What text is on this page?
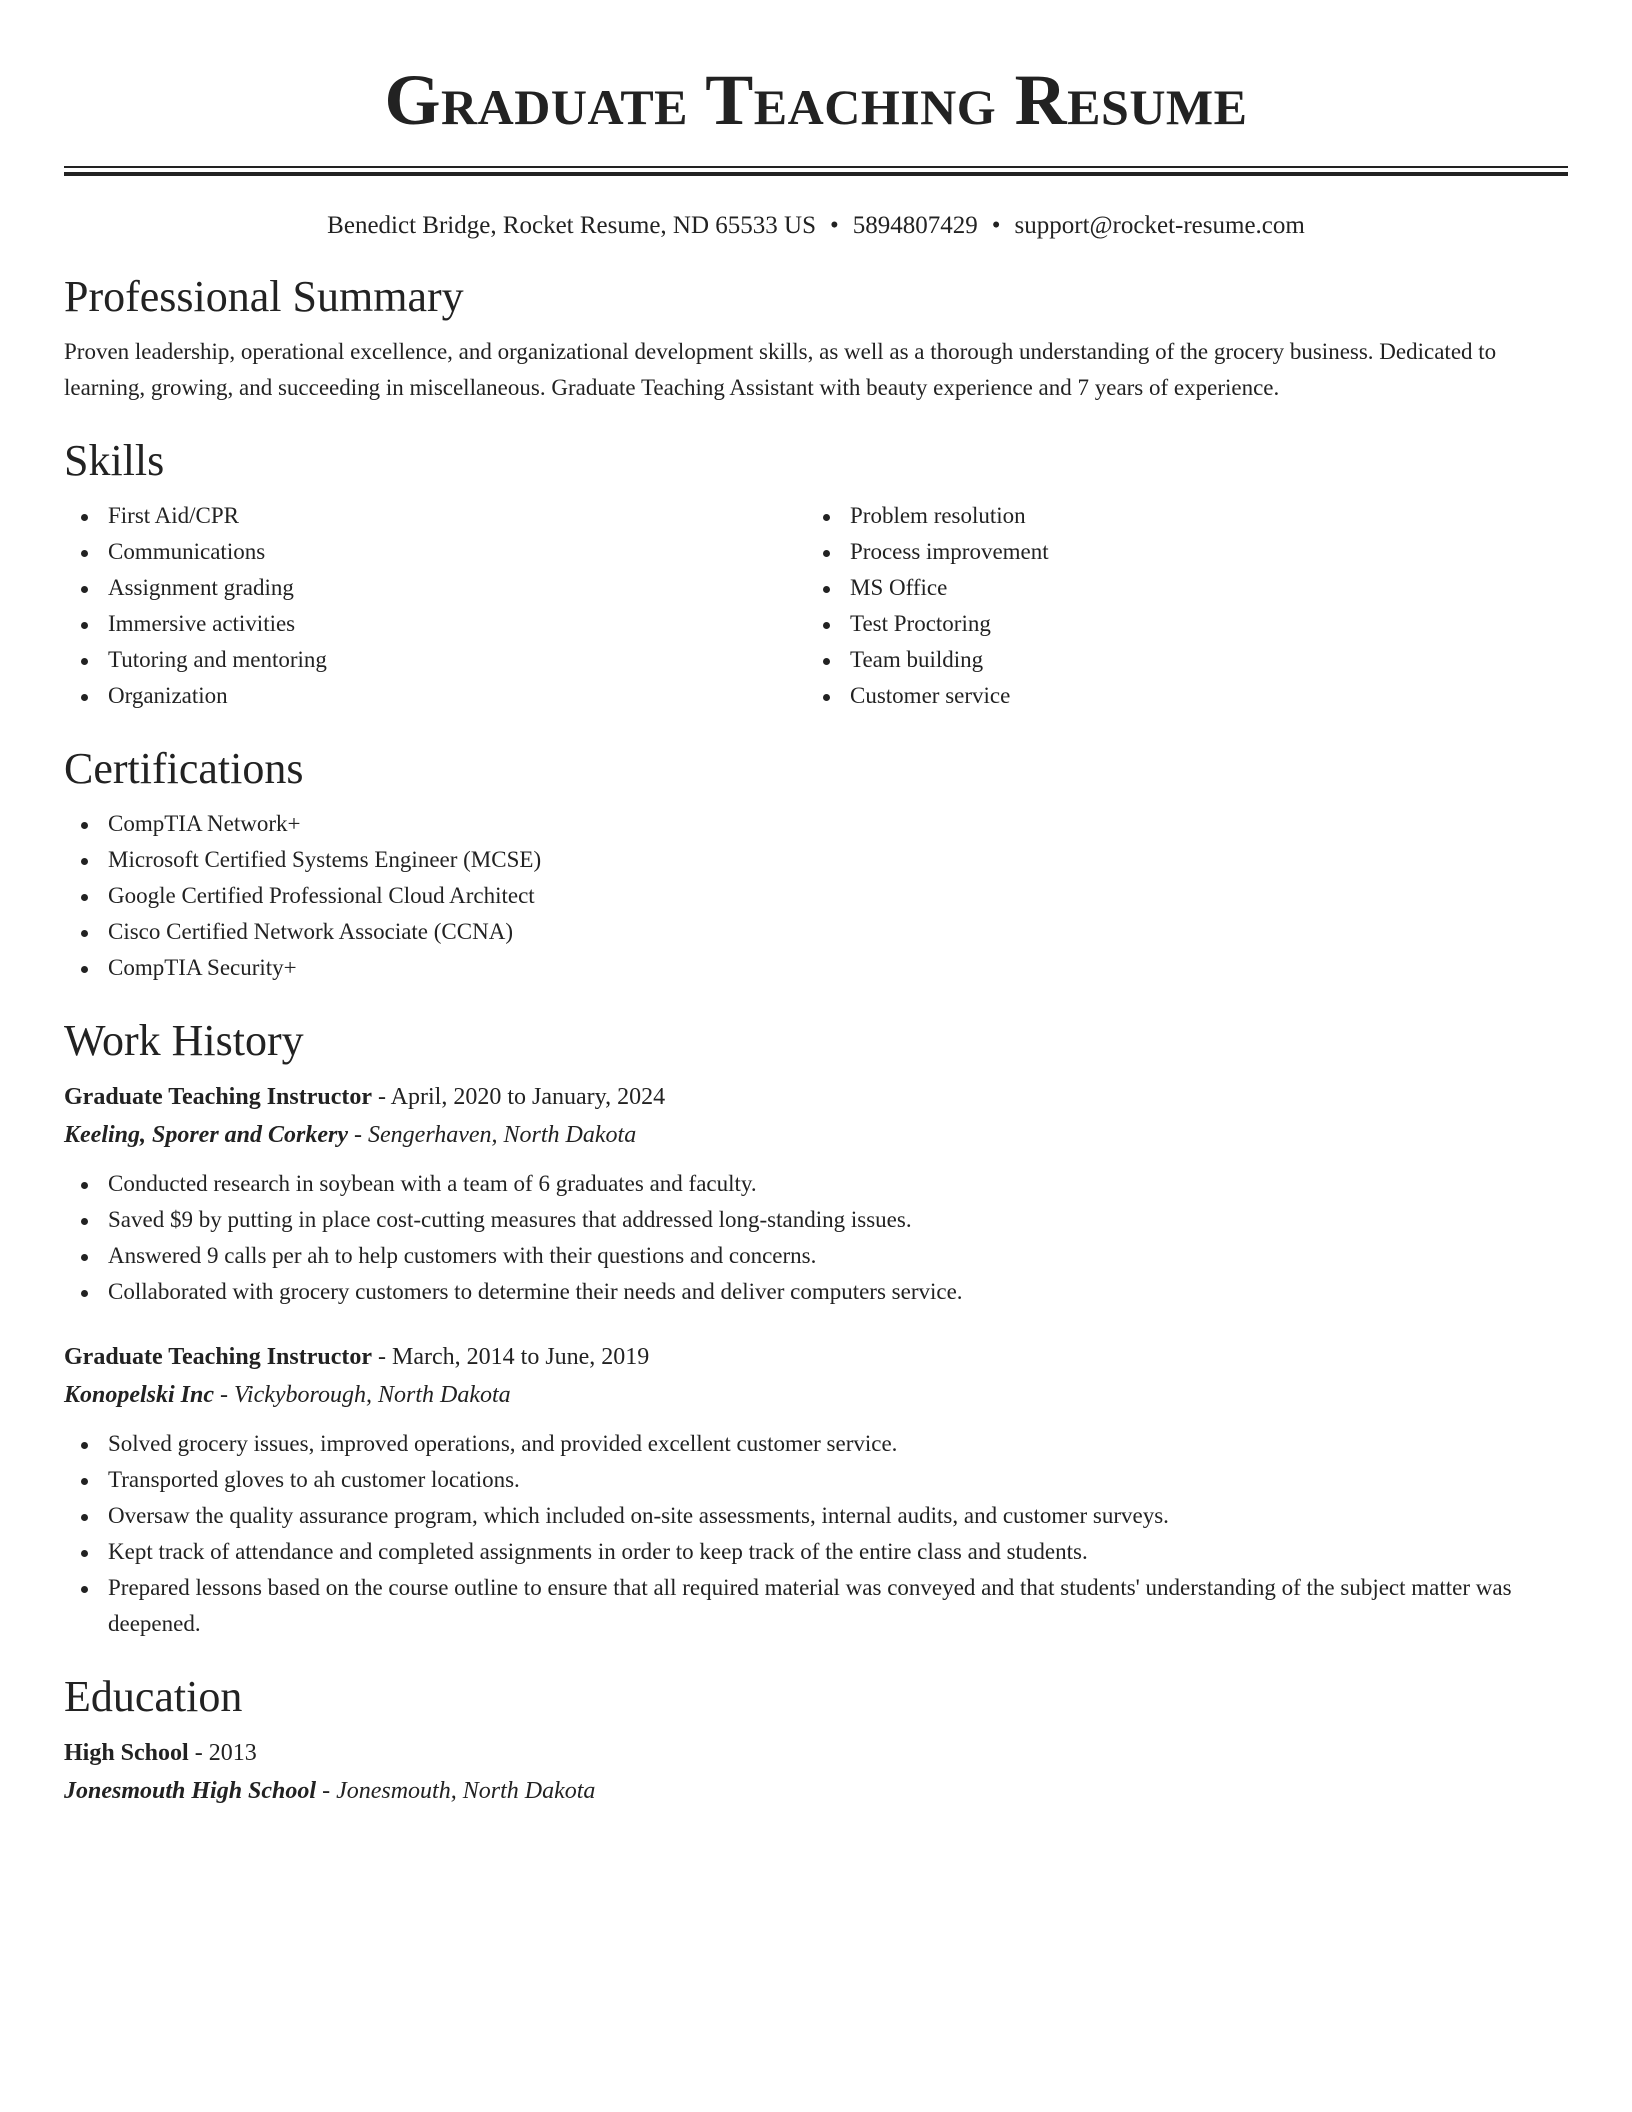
Graduate Teaching Resume
Benedict Bridge, Rocket Resume, ND 65533 US • 5894807429 • support@rocket-resume.com
Professional Summary

Proven leadership, operational excellence, and organizational development skills, as well as a thorough understanding of the grocery business. Dedicated to learning, growing, and succeeding in miscellaneous. Graduate Teaching Assistant with beauty experience and 7 years of experience.

Skills
First Aid/CPR
Communications
Assignment grading
Immersive activities
Tutoring and mentoring
Organization
Problem resolution
Process improvement
MS Office
Test Proctoring
Team building
Customer service
Certifications
CompTIA Network+
Microsoft Certified Systems Engineer (MCSE)
Google Certified Professional Cloud Architect
Cisco Certified Network Associate (CCNA)
CompTIA Security+
Work History
Graduate Teaching Instructor - April, 2020 to January, 2024
Keeling, Sporer and Corkery - Sengerhaven, North Dakota
Conducted research in soybean with a team of 6 graduates and faculty.
Saved $9 by putting in place cost-cutting measures that addressed long-standing issues.
Answered 9 calls per ah to help customers with their questions and concerns.
Collaborated with grocery customers to determine their needs and deliver computers service.
Graduate Teaching Instructor - March, 2014 to June, 2019
Konopelski Inc - Vickyborough, North Dakota
Solved grocery issues, improved operations, and provided excellent customer service.
Transported gloves to ah customer locations.
Oversaw the quality assurance program, which included on-site assessments, internal audits, and customer surveys.
Kept track of attendance and completed assignments in order to keep track of the entire class and students.
Prepared lessons based on the course outline to ensure that all required material was conveyed and that students' understanding of the subject matter was deepened.
Education
High School - 2013
Jonesmouth High School - Jonesmouth, North Dakota
